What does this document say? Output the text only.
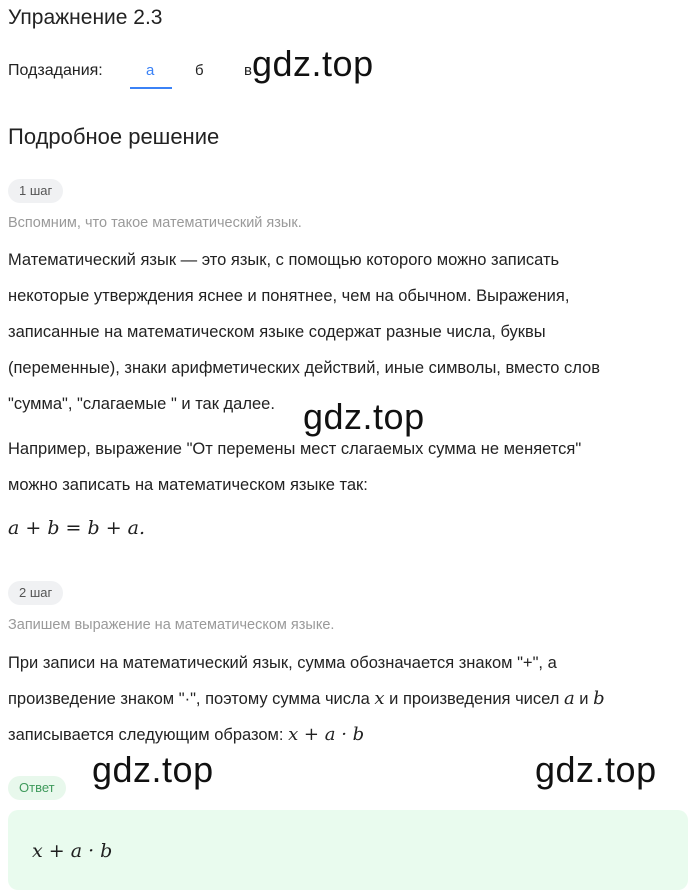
Упражнение 2.3
Подзадания:	а	б	в
Подробное решение
1 шаг
Вспомним, что такое математический язык.
Математический язык — это язык, с помощью которого можно записать
некоторые утверждения яснее и понятнее, чем на обычном. Выражения,
записанные на математическом языке содержат разные числа, буквы
(переменные), знаки арифметических действий, иные символы, вместо слов
"сумма", "слагаемые " и так далее.
Например, выражение "От перемены мест слагаемых сумма не меняется"
можно записать на математическом языке так:
a + b = b + a.
2 шаг
Запишем выражение на математическом языке.
При записи на математический язык, сумма обозначается знаком "+", а
произведение знаком "·", поэтому сумма числа x и произведения чисел a и b
записывается следующим образом: x + a · b
Ответ
x + a · b
gdz.top
gdz.top
gdz.top	gdz.top
